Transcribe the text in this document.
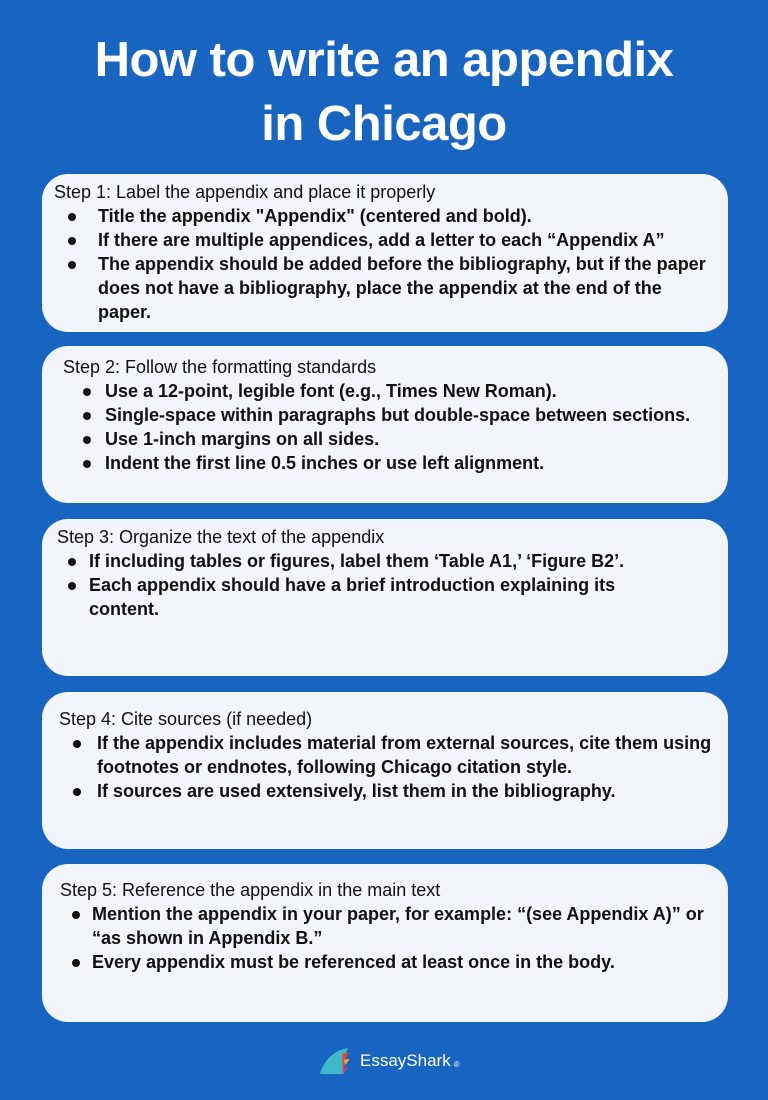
How to write an appendix
in Chicago
Step 1: Label the appendix and place it properly
Title the appendix "Appendix" (centered and bold).
If there are multiple appendices, add a letter to each “Appendix A”
The appendix should be added before the bibliography, but if the paper does not have a bibliography, place the appendix at the end of the paper.
Step 2: Follow the formatting standards
Use a 12-point, legible font (e.g., Times New Roman).
Single-space within paragraphs but double-space between sections.
Use 1-inch margins on all sides.
Indent the first line 0.5 inches or use left alignment.
Step 3: Organize the text of the appendix
If including tables or figures, label them ‘Table A1,’ ‘Figure B2’.
Each appendix should have a brief introduction explaining its content.
Step 4: Cite sources (if needed)
If the appendix includes material from external sources, cite them using footnotes or endnotes, following Chicago citation style.
If sources are used extensively, list them in the bibliography.
Step 5: Reference the appendix in the main text
Mention the appendix in your paper, for example: “(see Appendix A)” or “as shown in Appendix B.”
Every appendix must be referenced at least once in the body.
EssayShark ®
